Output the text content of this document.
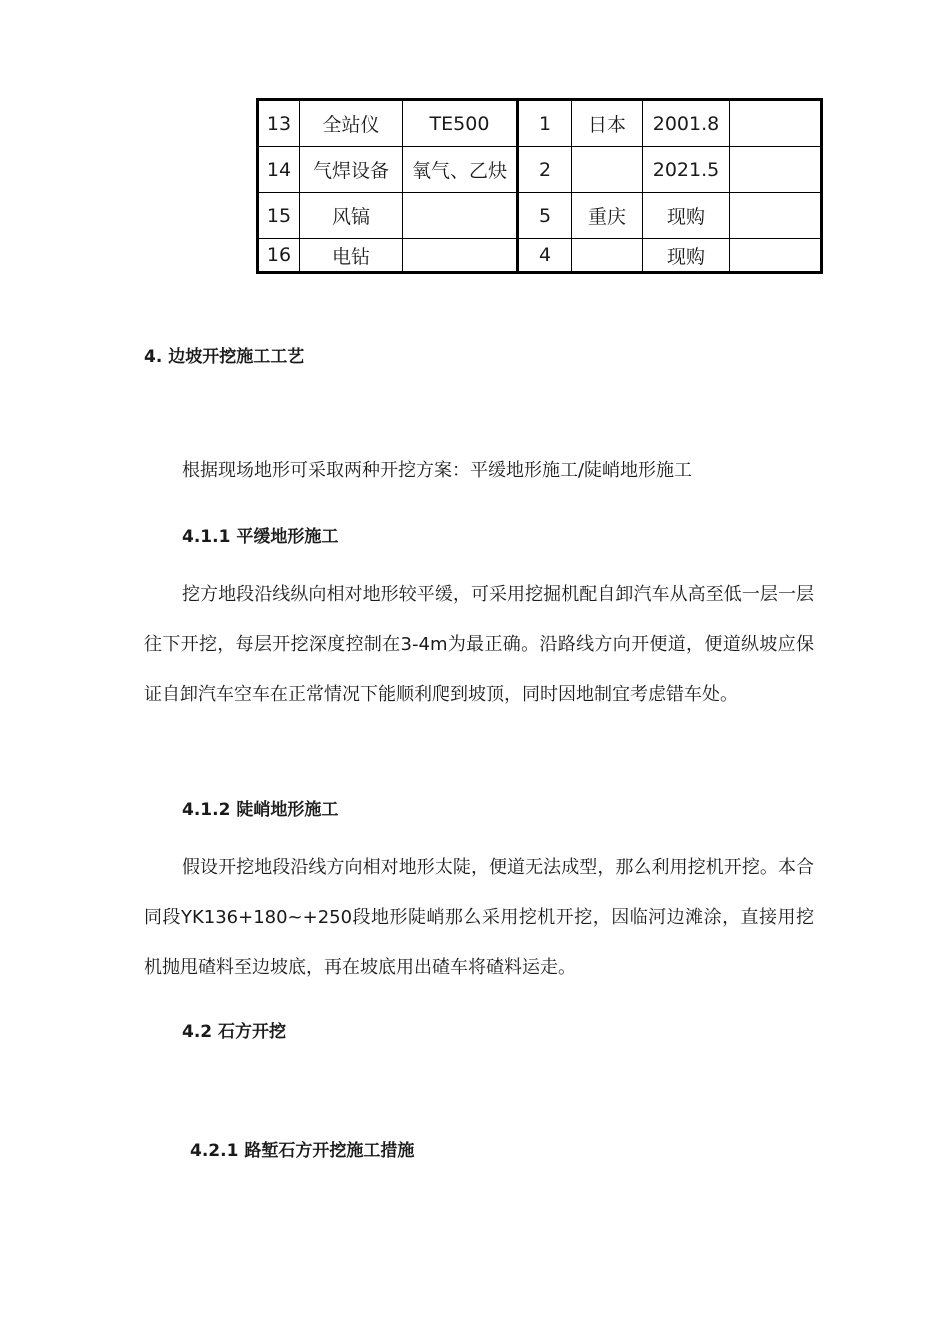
13	全站仪	TE500	1	日本	2001.8	
14	气焊设备	氧气、乙炔	2		2021.5	
15	风镐		5	重庆	现购	
16	电钻		4		现购	
4. 边坡开挖施工工艺
根据现场地形可采取两种开挖方案：平缓地形施工/陡峭地形施工
4.1.1 平缓地形施工
挖方地段沿线纵向相对地形较平缓，可采用挖掘机配自卸汽车从高至低一层一层往下开挖，每层开挖深度控制在3-4m为最正确。沿路线方向开便道，便道纵坡应保证自卸汽车空车在正常情况下能顺利爬到坡顶，同时因地制宜考虑错车处。
4.1.2 陡峭地形施工
假设开挖地段沿线方向相对地形太陡，便道无法成型，那么利用挖机开挖。本合同段YK136+180~+250段地形陡峭那么采用挖机开挖，因临河边滩涂，直接用挖机抛甩碴料至边坡底，再在坡底用出碴车将碴料运走。
4.2 石方开挖
4.2.1 路堑石方开挖施工措施
